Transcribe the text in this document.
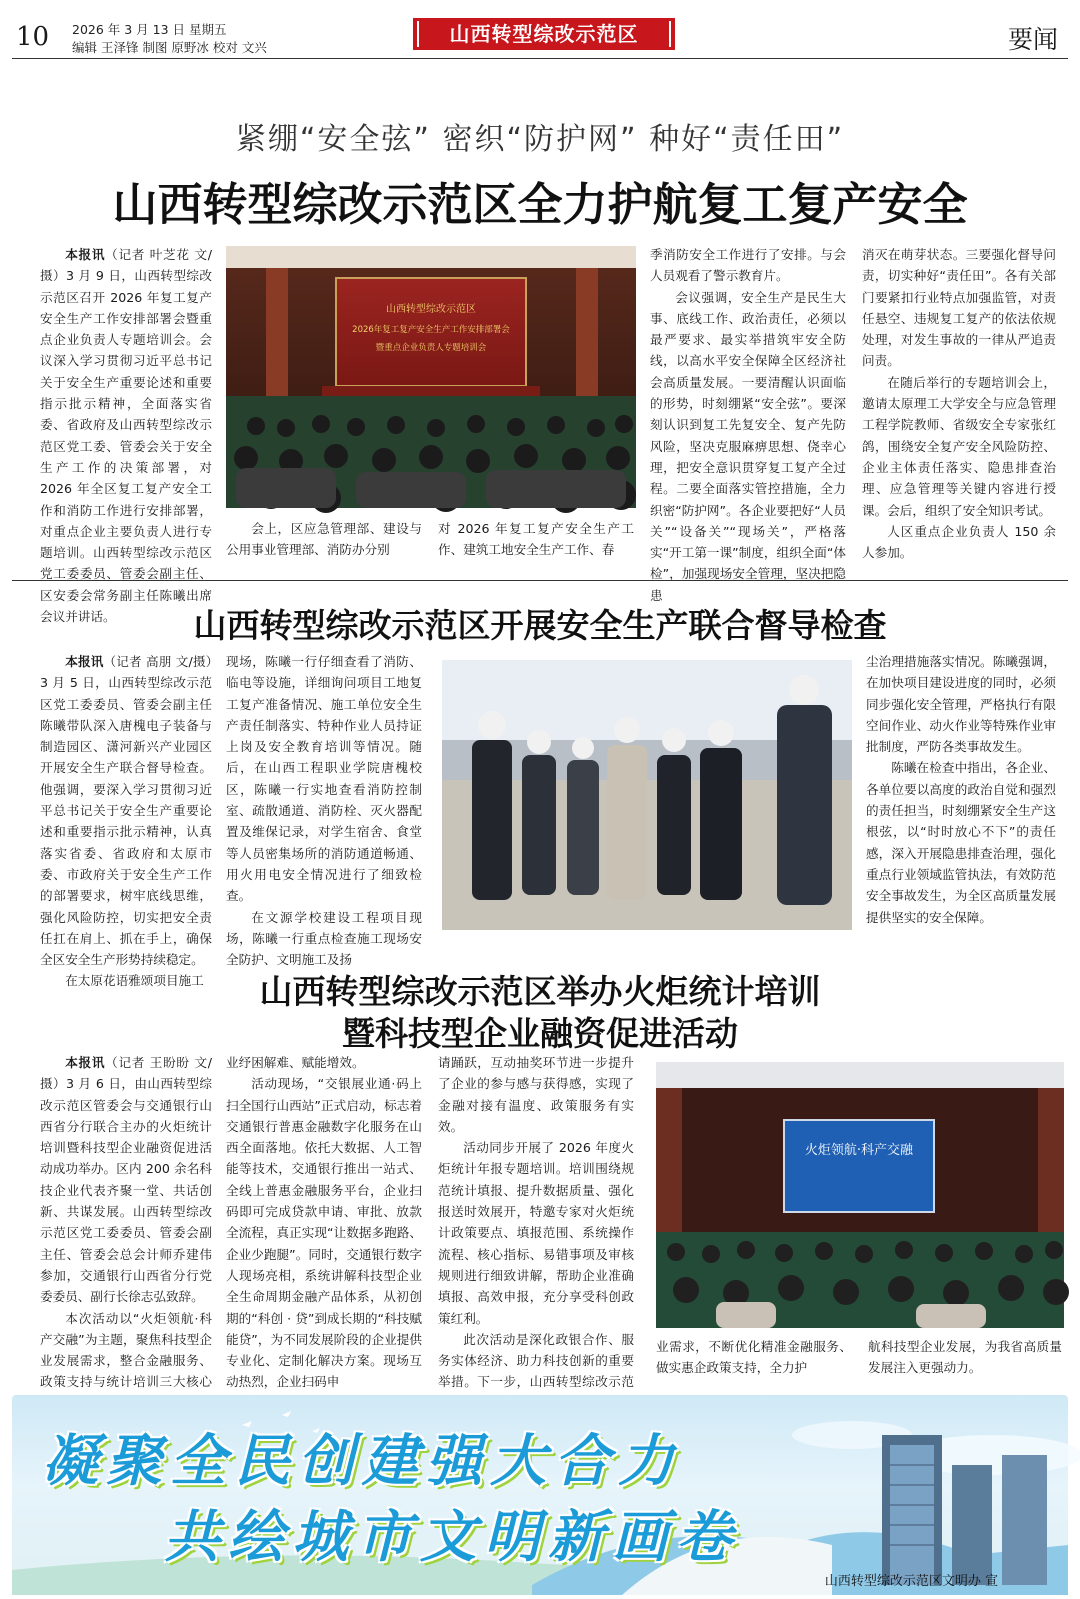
10 2026 年 3 月 13 日 星期五
编辑 王泽锋 制图 原野冰 校对 文兴
山西转型综改示范区	要闻
紧绷“安全弦” 密织“防护网” 种好“责任田”
山西转型综改示范区全力护航复工复产安全

本报讯（记者 叶芝花 文/摄）3 月 9 日，山西转型综改示范区召开 2026 年复工复产安全生产工作安排部署会暨重点企业负责人专题培训会。会议深入学习贯彻习近平总书记关于安全生产重要论述和重要指示批示精神，全面落实省委、省政府及山西转型综改示范区党工委、管委会关于安全生产工作的决策部署，对 2026 年全区复工复产安全工作和消防工作进行安排部署，对重点企业主要负责人进行专题培训。山西转型综改示范区党工委委员、管委会副主任、区安委会常务副主任陈曦出席会议并讲话。

山西转型综改示范区
2026年复工复产安全生产工作安排部署会
暨重点企业负责人专题培训会

会上，区应急管理部、建设与公用事业管理部、消防办分别

对 2026 年复工复产安全生产工作、建筑工地安全生产工作、春

季消防安全工作进行了安排。与会人员观看了警示教育片。

会议强调，安全生产是民生大事、底线工作、政治责任，必须以最严要求、最实举措筑牢安全防线，以高水平安全保障全区经济社会高质量发展。一要清醒认识面临的形势，时刻绷紧“安全弦”。要深刻认识到复工先复安全、复产先防风险，坚决克服麻痹思想、侥幸心理，把安全意识贯穿复工复产全过程。二要全面落实管控措施，全力织密“防护网”。各企业要把好“人员关”“设备关”“现场关”，严格落实“开工第一课”制度，组织全面“体检”，加强现场安全管理，坚决把隐患

消灭在萌芽状态。三要强化督导问责，切实种好“责任田”。各有关部门要紧扣行业特点加强监管，对责任悬空、违规复工复产的依法依规处理，对发生事故的一律从严追责问责。

在随后举行的专题培训会上，邀请太原理工大学安全与应急管理工程学院教师、省级安全专家张红鸽，围绕安全复产安全风险防控、企业主体责任落实、隐患排查治理、应急管理等关键内容进行授课。会后，组织了安全知识考试。

人区重点企业负责人 150 余人参加。

山西转型综改示范区开展安全生产联合督导检查

本报讯（记者 高朋 文/摄）3 月 5 日，山西转型综改示范区党工委委员、管委会副主任陈曦带队深入唐槐电子装备与制造园区、潇河新兴产业园区开展安全生产联合督导检查。他强调，要深入学习贯彻习近平总书记关于安全生产重要论述和重要指示批示精神，认真落实省委、省政府和太原市委、市政府关于安全生产工作的部署要求，树牢底线思维，强化风险防控，切实把安全责任扛在肩上、抓在手上，确保全区安全生产形势持续稳定。

在太原花语雅颂项目施工

现场，陈曦一行仔细查看了消防、临电等设施，详细询问项目工地复工复产准备情况、施工单位安全生产责任制落实、特种作业人员持证上岗及安全教育培训等情况。随后，在山西工程职业学院唐槐校区，陈曦一行实地查看消防控制室、疏散通道、消防栓、灭火器配置及维保记录，对学生宿舍、食堂等人员密集场所的消防通道畅通、用火用电安全情况进行了细致检查。

在文源学校建设工程项目现场，陈曦一行重点检查施工现场安全防护、文明施工及扬

尘治理措施落实情况。陈曦强调，在加快项目建设进度的同时，必须同步强化安全管理，严格执行有限空间作业、动火作业等特殊作业审批制度，严防各类事故发生。

陈曦在检查中指出，各企业、各单位要以高度的政治自觉和强烈的责任担当，时刻绷紧安全生产这根弦，以“时时放心不下”的责任感，深入开展隐患排查治理，强化重点行业领域监管执法，有效防范安全事故发生，为全区高质量发展提供坚实的安全保障。

山西转型综改示范区举办火炬统计培训
暨科技型企业融资促进活动

本报讯（记者 王盼盼 文/摄）3 月 6 日，由山西转型综改示范区管委会与交通银行山西省分行联合主办的火炬统计培训暨科技型企业融资促进活动成功举办。区内 200 余名科技企业代表齐聚一堂、共话创新、共谋发展。山西转型综改示范区党工委委员、管委会副主任、管委会总会计师乔建伟参加，交通银行山西省分行党委委员、副行长徐志弘致辞。

本次活动以“火炬领航·科产交融”为主题，聚焦科技型企业发展需求，整合金融服务、政策支持与统计培训三大核心

业纾困解难、赋能增效。

活动现场，“交银展业通·码上扫全国行山西站”正式启动，标志着交通银行普惠金融数字化服务在山西全面落地。依托大数据、人工智能等技术，交通银行推出一站式、全线上普惠金融服务平台，企业扫码即可完成贷款申请、审批、放款全流程，真正实现“让数据多跑路、企业少跑腿”。同时，交通银行数字人现场亮相，系统讲解科技型企业全生命周期金融产品体系，从初创期的“科创 · 贷”到成长期的“科技赋能贷”，为不同发展阶段的企业提供专业化、定制化解决方案。现场互动热烈，企业扫码申

请踊跃，互动抽奖环节进一步提升了企业的参与感与获得感，实现了金融对接有温度、政策服务有实效。

活动同步开展了 2026 年度火炬统计年报专题培训。培训围绕规范统计填报、提升数据质量、强化报送时效展开，特邀专家对火炬统计政策要点、填报范围、系统操作流程、核心指标、易错事项及审核规则进行细致讲解，帮助企业准确填报、高效申报，充分享受科创政策红利。

此次活动是深化政银合作、服务实体经济、助力科技创新的重要举措。下一步，山西转型综改示范

火炬领航·科产交融

业需求，不断优化精准金融服务、做实惠企政策支持，全力护

航科技型企业发展，为我省高质量发展注入更强动力。

凝聚全民创建强大合力
共绘城市文明新画卷
山西转型综改示范区文明办 宣
